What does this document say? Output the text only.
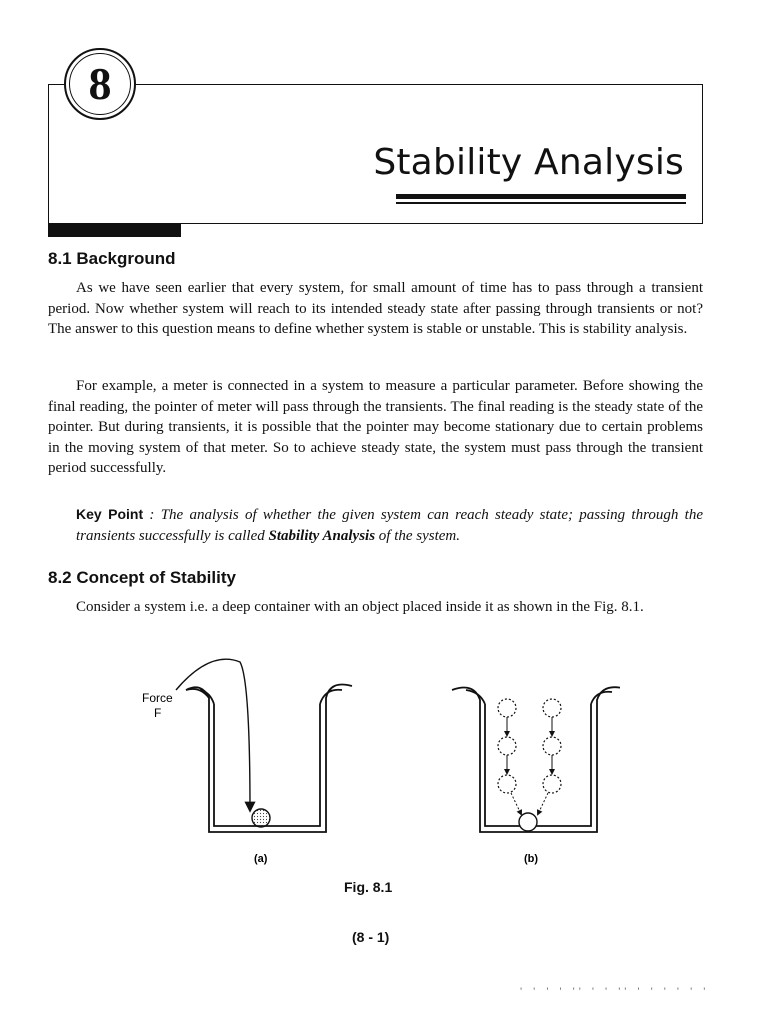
8
Stability Analysis
8.1 Background

As we have seen earlier that every system, for small amount of time has to pass through a transient period. Now whether system will reach to its intended steady state after passing through transients or not? The answer to this question means to define whether system is stable or unstable. This is stability analysis.

For example, a meter is connected in a system to measure a particular parameter. Before showing the final reading, the pointer of meter will pass through the transients. The final reading is the steady state of the pointer. But during transients, it is possible that the pointer may become stationary due to certain problems in the moving system of that meter. So to achieve steady state, the system must pass through the transient period successfully.

Key Point : The analysis of whether the given system can reach steady state; passing through the transients successfully is called Stability Analysis of the system.

8.2 Concept of Stability

Consider a system i.e. a deep container with an object placed inside it as shown in the Fig. 8.1.

Force
F
(a)	(b)

Fig. 8.1

(8 - 1)

' ' ' ' '' ' ' '' ' ' ' ' ' '
